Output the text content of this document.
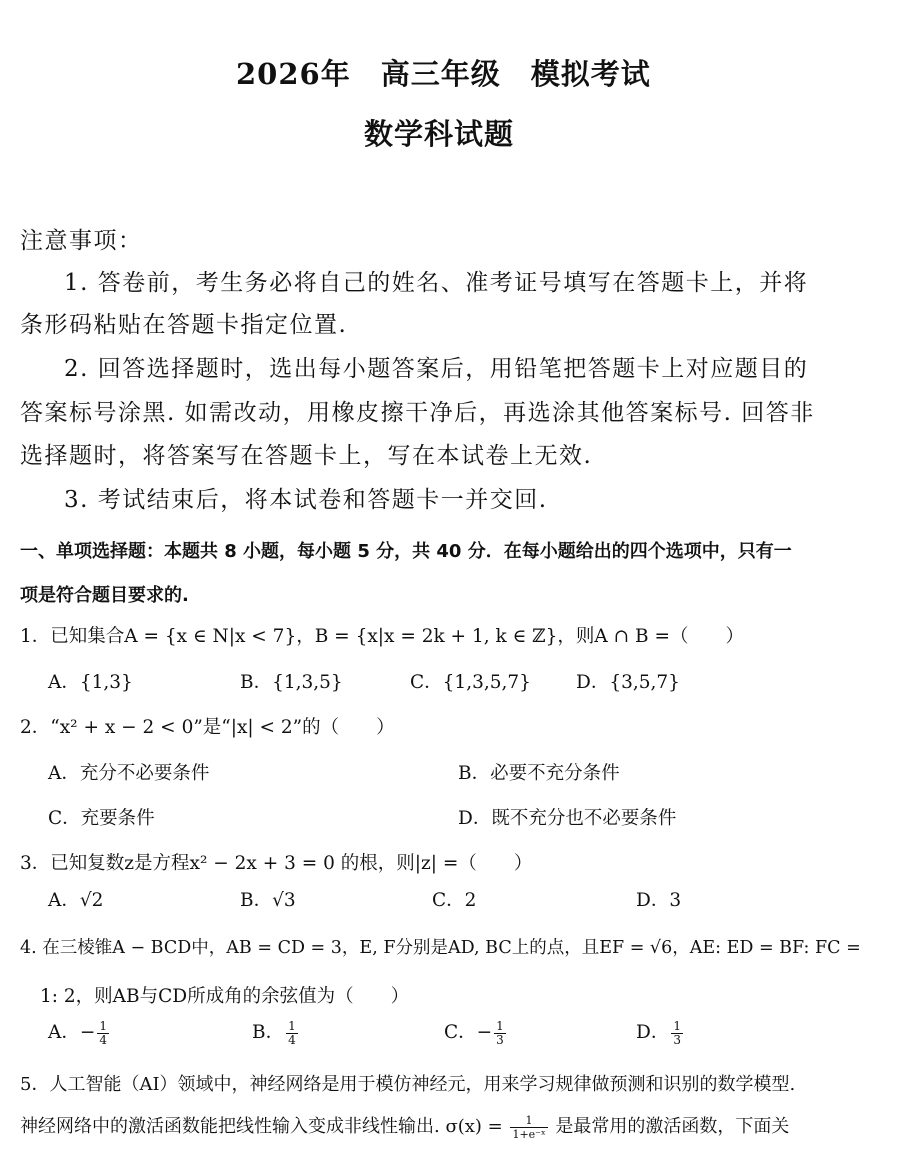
2026年　高三年级　模拟考试
数学科试题
注意事项：
1. 答卷前，考生务必将自己的姓名、准考证号填写在答题卡上，并将
条形码粘贴在答题卡指定位置.
2. 回答选择题时，选出每小题答案后，用铅笔把答题卡上对应题目的
答案标号涂黑. 如需改动，用橡皮擦干净后，再选涂其他答案标号. 回答非
选择题时，将答案写在答题卡上，写在本试卷上无效.
3. 考试结束后，将本试卷和答题卡一并交回.
一、单项选择题：本题共 8 小题，每小题 5 分，共 40 分．在每小题给出的四个选项中，只有一
项是符合题目要求的.
1．已知集合A = {x ∈ N|x < 7}，B = {x|x = 2k + 1, k ∈ ℤ}，则A ∩ B =（　　）
A．{1,3}	B．{1,3,5}	C．{1,3,5,7} D．{3,5,7}
2．“x² + x − 2 < 0”是“|x| < 2”的（　　）
A．充分不必要条件	B．必要不充分条件
C．充要条件	D．既不充分也不必要条件
3．已知复数z是方程x² − 2x + 3 = 0 的根，则|z| =（　　）
A．√2	B．√3	C．2	D．3
4. 在三棱锥A − BCD中，AB = CD = 3，E, F分别是AD, BC上的点，且EF = √6，AE: ED = BF: FC =
1: 2，则AB与CD所成角的余弦值为（　　）
A．− $\frac{1}{4}$	B． $\frac{1}{4}$	C．− $\frac{1}{3}$	D． $\frac{1}{3}$
5．人工智能（AI）领域中，神经网络是用于模仿神经元，用来学习规律做预测和识别的数学模型.
神经网络中的激活函数能把线性输入变成非线性输出. $\sigma(x) = \frac{1}{\text{1+e⁻ˣ}}$ 是最常用的激活函数，下面关
